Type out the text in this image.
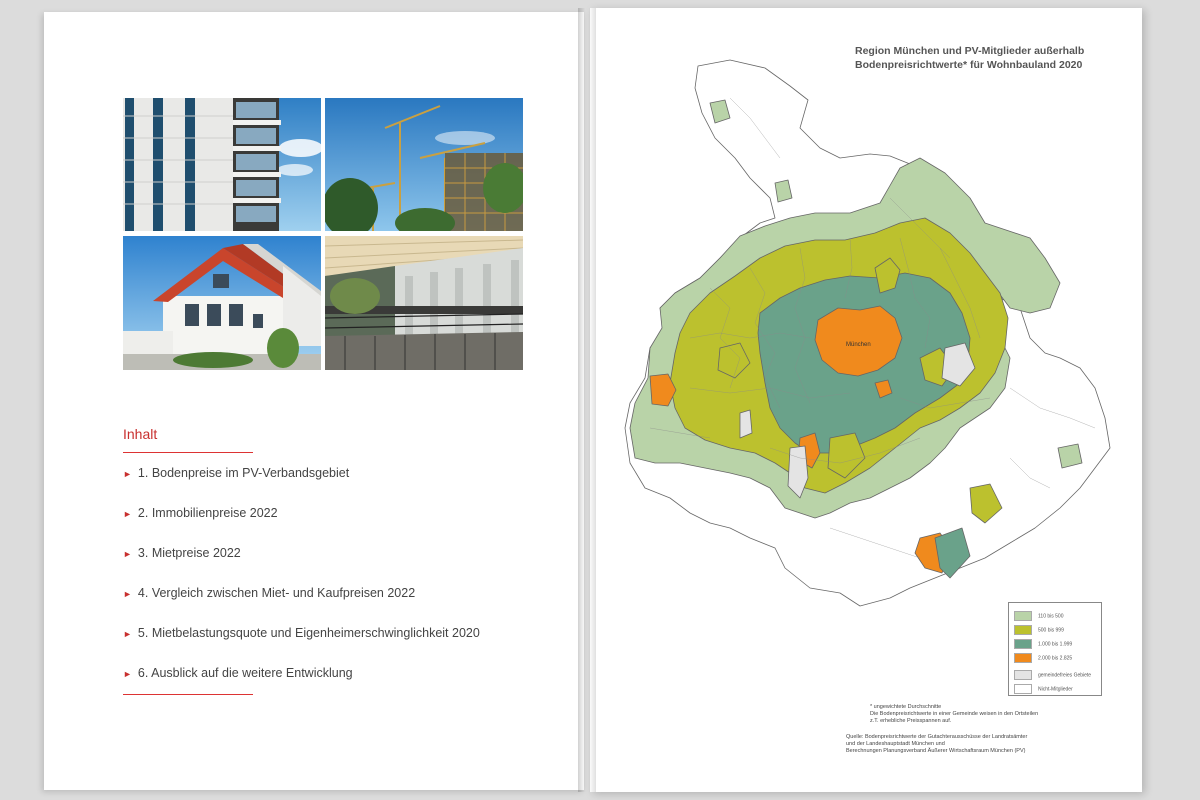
Inhalt
► 1. Bodenpreise im PV-Verbandsgebiet
► 2. Immobilienpreise 2022
► 3. Mietpreise 2022
► 4. Vergleich zwischen Miet- und Kaufpreisen 2022
► 5. Mietbelastungsquote und Eigenheimerschwinglichkeit 2020
► 6. Ausblick auf die weitere Entwicklung
Region München und PV-Mitglieder außerhalb
Bodenpreisrichtwerte* für Wohnbauland 2020
München
110 bis 500
500 bis 999
1.000 bis 1.999
2.000 bis 2.825
gemeindefreies Gebiete
Nicht-Mitglieder
* ungewichtete Durchschnitte
Die Bodenpreisrichtwerte in einer Gemeinde weisen in den Ortsteilen
z.T. erhebliche Preisspannen auf.
Quelle: Bodenpreisrichtwerte der Gutachterausschüsse der Landratsämter
und der Landeshauptstadt München und
Berechnungen Planungsverband Äußerer Wirtschaftsraum München (PV)
